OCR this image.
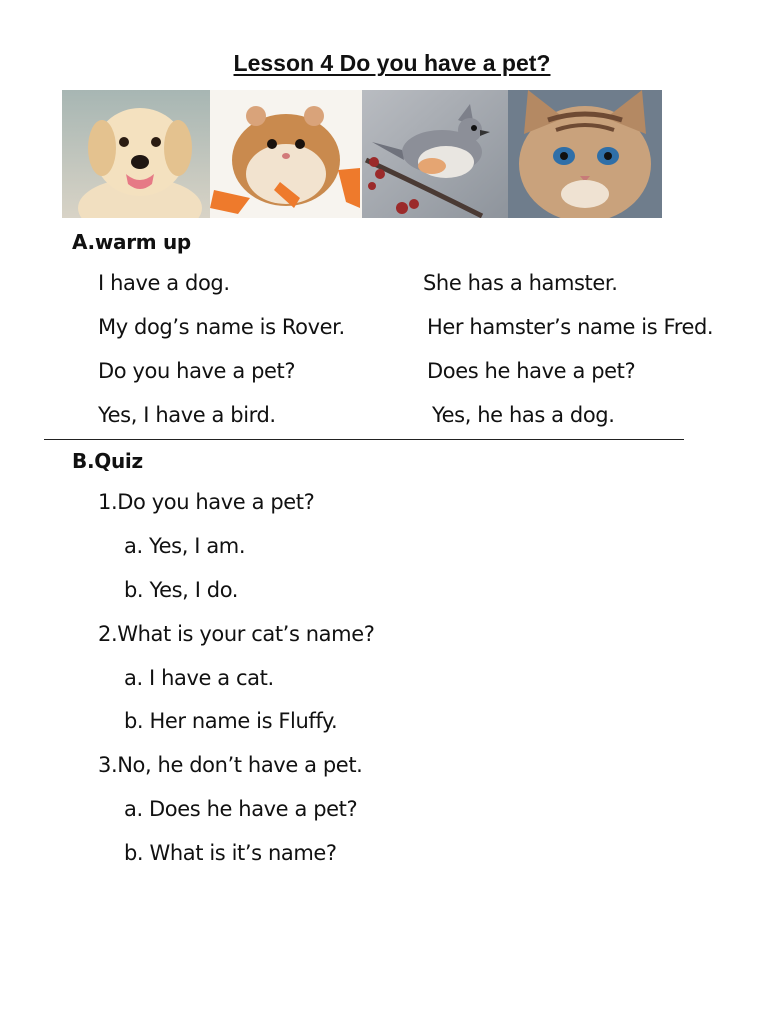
Lesson 4 Do you have a pet?
A.warm up
I have a dog.
My dog’s name is Rover.
Do you have a pet?
Yes, I have a bird.
She has a hamster.
Her hamster’s name is Fred.
Does he have a pet?
Yes, he has a dog.
B.Quiz
1.Do you have a pet?
a. Yes, I am.
b. Yes, I do.
2.What is your cat’s name?
a. I have a cat.
b. Her name is Fluffy.
3.No, he don’t have a pet.
a. Does he have a pet?
b. What is it’s name?
